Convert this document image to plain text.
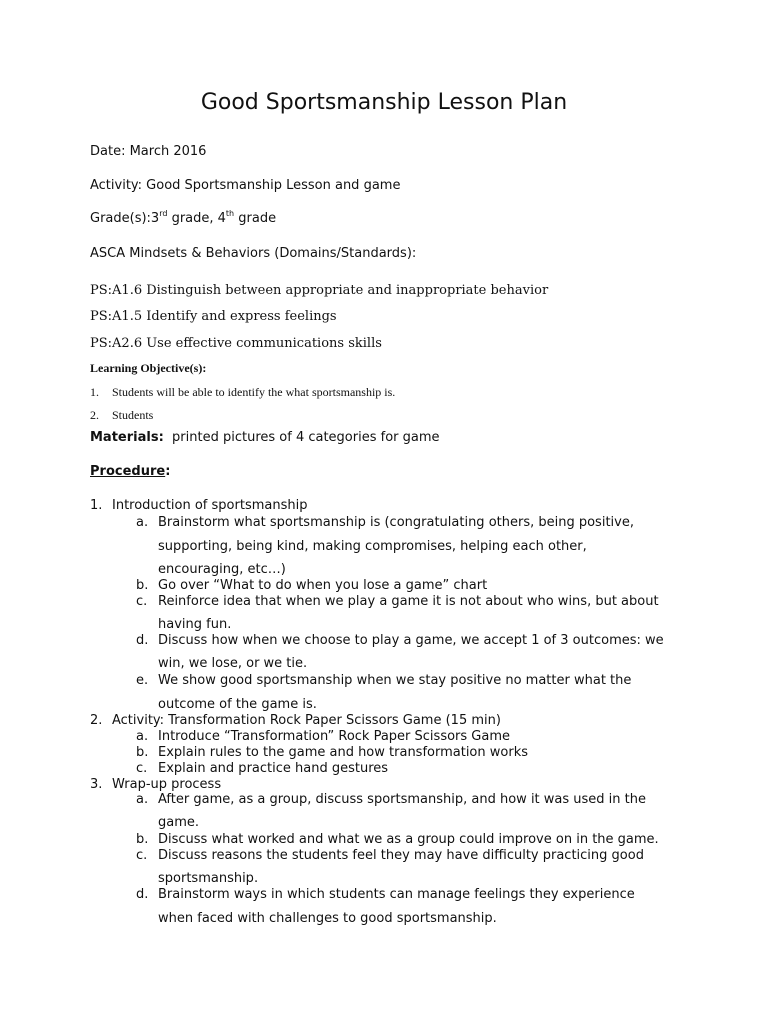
Good Sportsmanship Lesson Plan
Date: March 2016
Activity: Good Sportsmanship Lesson and game
Grade(s):3rd grade, 4th grade
ASCA Mindsets & Behaviors (Domains/Standards):
PS:A1.6 Distinguish between appropriate and inappropriate behavior
PS:A1.5 Identify and express feelings
PS:A2.6 Use effective communications skills
Learning Objective(s):
1. Students will be able to identify the what sportsmanship is.
2. Students
Materials: printed pictures of 4 categories for game
Procedure:
1. Introduction of sportsmanship
a. Brainstorm what sportsmanship is (congratulating others, being positive,
supporting, being kind, making compromises, helping each other,
encouraging, etc…)
b. Go over “What to do when you lose a game” chart
c. Reinforce idea that when we play a game it is not about who wins, but about
having fun.
d. Discuss how when we choose to play a game, we accept 1 of 3 outcomes: we
win, we lose, or we tie.
e. We show good sportsmanship when we stay positive no matter what the
outcome of the game is.
2. Activity: Transformation Rock Paper Scissors Game (15 min)
a. Introduce “Transformation” Rock Paper Scissors Game
b. Explain rules to the game and how transformation works
c. Explain and practice hand gestures
3. Wrap-up process
a. After game, as a group, discuss sportsmanship, and how it was used in the
game.
b. Discuss what worked and what we as a group could improve on in the game.
c. Discuss reasons the students feel they may have difficulty practicing good
sportsmanship.
d. Brainstorm ways in which students can manage feelings they experience
when faced with challenges to good sportsmanship.
